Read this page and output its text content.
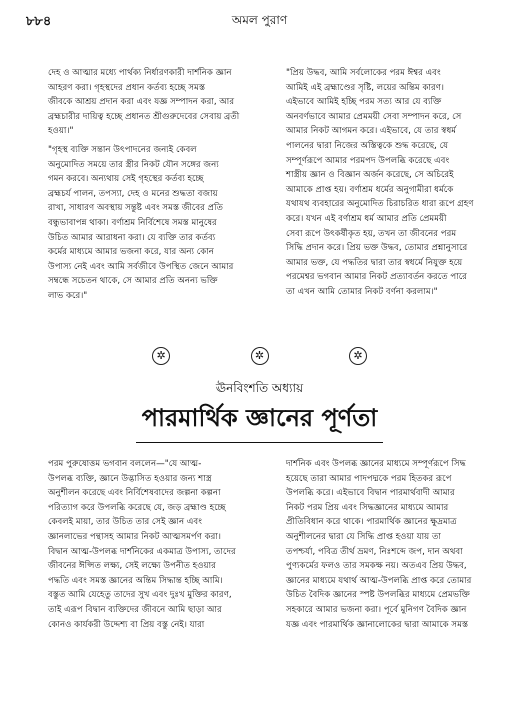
৮৮৪	অমল পুরাণ

দেহ ও আত্মার মধ্যে পার্থক্য নির্ধারণকারী দার্শনিক জ্ঞান
আহরণ করা। গৃহস্থদের প্রধান কর্তব্য হচ্ছে সমস্ত
জীবকে আশ্রয় প্রদান করা এবং যজ্ঞ সম্পাদন করা, আর
ব্রহ্মচারীর দায়িত্ব হচ্ছে প্রধানত শ্রীগুরুদেবের সেবায় ব্রতী
হওয়া।"

"গৃহস্থ ব্যক্তি সন্তান উৎপাদনের জন্যই কেবল
অনুমোদিত সময়ে তার স্ত্রীর নিকট যৌন সঙ্গের জন্য
গমন করবে। অন্যথায় সেই গৃহস্থের কর্তব্য হচ্ছে
ব্রহ্মচর্য পালন, তপস্যা, দেহ ও মনের শুদ্ধতা বজায়
রাখা, সাধারণ অবস্থায় সন্তুষ্ট এবং সমস্ত জীবের প্রতি
বন্ধুভাবাপন্ন থাকা। বর্ণাশ্রম নির্বিশেষে সমস্ত মানুষের
উচিত আমার আরাধনা করা। যে ব্যক্তি তার কর্তব্য
কর্মের মাধ্যমে আমার ভজনা করে, যার অন্য কোন
উপাস্য নেই এবং আমি সর্বজীবে উপস্থিত জেনে আমার
সম্বন্ধে সচেতন থাকে, সে আমার প্রতি অনন্য ভক্তি
লাভ করে।"

"প্রিয় উদ্ধব, আমি সর্বলোকের পরম ঈশ্বর এবং
আমিই এই ব্রহ্মাণ্ডের সৃষ্টি, লয়ের অন্তিম কারণ।
এইভাবে আমিই হচ্ছি পরম সত্য আর যে ব্যক্তি
অনবর্ণভাবে আমার প্রেমময়ী সেবা সম্পাদন করে, সে
আমার নিকট আগমন করে। এইভাবে, যে তার স্বধর্ম
পালনের দ্বারা নিজের অস্তিত্বকে শুদ্ধ করেছে, যে
সম্পূর্ণরূপে আমার পরমপদ উপলব্ধি করেছে এবং
শাস্ত্রীয় জ্ঞান ও বিজ্ঞান অর্জন করেছে, সে অচিরেই
আমাকে প্রাপ্ত হয়। বর্ণাশ্রম ধর্মের অনুগামীরা ধর্মকে
যথাযথ ব্যবহারের অনুমোদিত চিরাচরিত ধারা রূপে গ্রহণ
করে। যখন এই বর্ণাশ্রম ধর্ম আমার প্রতি প্রেমময়ী
সেবা রূপে উৎকর্ষীকৃত হয়, তখন তা জীবনের পরম
সিদ্ধি প্রদান করে। প্রিয় ভক্ত উদ্ধব, তোমার প্রশ্নানুসারে
আমার ভক্ত, যে পদ্ধতির দ্বারা তার স্বধর্মে নিযুক্ত হয়ে
পরমেশ্বর ভগবান আমার নিকট প্রত্যাবর্তন করতে পারে
তা এখন আমি তোমার নিকট বর্ণনা করলাম।"

✲	✲	✲
ঊনবিংশতি অধ্যায়
পারমার্থিক জ্ঞানের পূর্ণতা

পরম পুরুষোত্তম ভগবান বললেন—"যে আত্ম-
উপলব্ধ ব্যক্তি, জ্ঞানে উদ্ভাসিত হওয়ার জন্য শাস্ত্র
অনুশীলন করেছে এবং নির্বিশেষবাদের জল্পনা কল্পনা
পরিত্যাগ করে উপলব্ধি করেছে যে, জড় ব্রহ্মাণ্ড হচ্ছে
কেবলই মায়া, তার উচিত তার সেই জ্ঞান এবং
জ্ঞানলাভের পন্থাসহ আমার নিকট আত্মসমর্পণ করা।
বিদ্বান আত্ম-উপলব্ধ দার্শনিকের একমাত্র উপাস্য, তাদের
জীবনের ঈপ্সিত লক্ষ্য, সেই লক্ষ্যে উপনীত হওয়ার
পদ্ধতি এবং সমস্ত জ্ঞানের অন্তিম সিদ্ধান্ত হচ্ছি আমি।
বস্তুত আমি যেহেতু তাদের সুখ এবং দুঃখ মুক্তির কারণ,
তাই এরূপ বিদ্বান ব্যক্তিদের জীবনে আমি ছাড়া আর
কোনও কার্যকরী উদ্দেশ্য বা প্রিয় বস্তু নেই। যারা

দার্শনিক এবং উপলব্ধ জ্ঞানের মাধ্যমে সম্পূর্ণরূপে সিদ্ধ
হয়েছে তারা আমার পাদপদ্মকে পরম হিতকর রূপে
উপলব্ধি করে। এইভাবে বিদ্বান পারমার্থবাদী আমার
নিকট পরম প্রিয় এবং সিদ্ধজ্ঞানের মাধ্যমে আমার
প্রীতিবিধান করে থাকে। পারমার্থিক জ্ঞানের ক্ষুদ্রমাত্র
অনুশীলনের দ্বারা যে সিদ্ধি প্রাপ্ত হওয়া যায় তা
তপশ্চর্যা, পবিত্র তীর্থ ভ্রমণ, নিঃশব্দে জপ, দান অথবা
পুণ্যকর্মের ফলও তার সমকক্ষ নয়। অতএব প্রিয় উদ্ধব,
জ্ঞানের মাধ্যমে যথার্থ আত্ম-উপলব্ধি প্রাপ্ত করে তোমার
উচিত বৈদিক জ্ঞানের স্পষ্ট উপলব্ধির মাধ্যমে প্রেমভক্তি
সহকারে আমার ভজনা করা। পূর্বে মুনিগণ বৈদিক জ্ঞান
যজ্ঞ এবং পারমার্থিক জ্ঞানালোকের দ্বারা আমাকে সমস্ত
